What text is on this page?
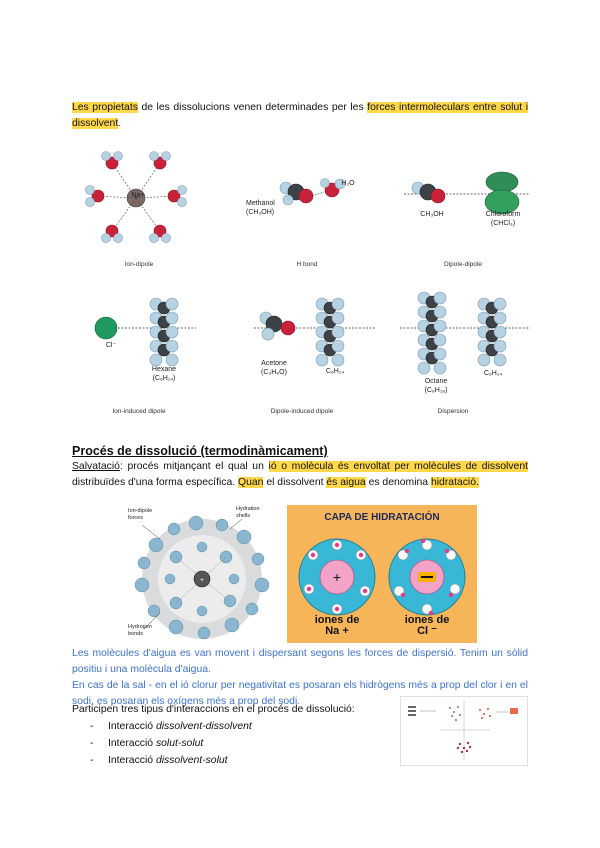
Les propietats de les dissolucions venen determinades per les forces intermoleculars entre solut i dissolvent.
Na+
Methanol
(CH₃OH)
H₂O
CH₃OH	Chloroform
(CHCl₃)
Cl⁻
Hexane
(C₆H₁₄)
Acetone
(C₃H₆O)	C₆H₁₄
Octane
(C₈H₁₈)
C₆H₁₄
Ion-dipole	H bond	Dipole-dipole
Ion-induced dipole	Dipole-induced dipole	Dispersion
Procés de dissolució (termodinàmicament)
Salvatació: procés mitjançant el qual un ió o molècula és envoltat per molècules de dissolvent distribuïdes d'una forma específica. Quan el dissolvent és aigua es denomina hidratació.
+
Ion-dipole forces
Hydration shells
Hydrogen bonds
CAPA DE HIDRATACIÓN
+
iones de
Na +
iones de
Cl ⁻
Les molècules d'aigua es van movent i dispersant segons les forces de dispersió. Tenim un sòlid positiu i una molècula d'aigua.
En cas de la sal - en el ió clorur per negativitat es posaran els hidrògens més a prop del clor i en el sodi, es posaran els oxígens més a prop del sodi.
Participen tres tipus d'interaccions en el procés de dissolució:
- Interacció dissolvent-dissolvent
- Interacció solut-solut
- Interacció dissolvent-solut
